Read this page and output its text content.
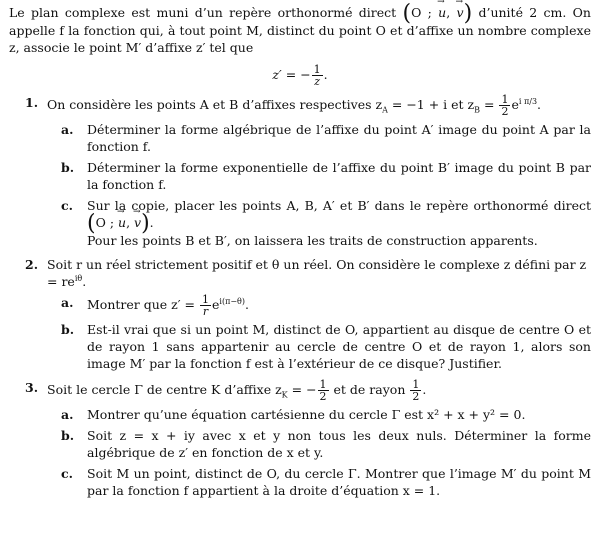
Le plan complexe est muni d’un repère orthonormé direct (O ; → u, → v) d’unité 2 cm. On appelle f la fonction qui, à tout point M, distinct du point O et d’affixe un nombre complexe z, associe le point M′ d’affixe z′ tel que
z′ = − $\frac{1}{z}$ .
1. On considère les points A et B d’affixes respectives $z_A = -1 + i$ et $z_B = \frac{1}{2} e^{i \pi/3}$.
a. Déterminer la forme algébrique de l’affixe du point A′ image du point A par la fonction f.
b. Déterminer la forme exponentielle de l’affixe du point B′ image du point B par la fonction f.
c. Sur la copie, placer les points A, B, A′ et B′ dans le repère orthonormé direct (O ; → u, → v).
Pour les points B et B′, on laissera les traits de construction apparents.
2. Soit r un réel strictement positif et θ un réel. On considère le complexe z défini par $z = re^{i\theta}$.
a. Montrer que $z' = \frac{1}{r} e^{i(\pi-\theta)}$.
b. Est-il vrai que si un point M, distinct de O, appartient au disque de centre O et de rayon 1 sans appartenir au cercle de centre O et de rayon 1, alors son image M′ par la fonction f est à l’extérieur de ce disque? Justifier.
3. Soit le cercle Γ de centre K d’affixe $z_K$ = − $\frac{1}{2}$ et de rayon $\frac{1}{2}$ .
a. Montrer qu’une équation cartésienne du cercle Γ est x² + x + y² = 0.
b. Soit z = x + iy avec x et y non tous les deux nuls. Déterminer la forme algébrique de z′ en fonction de x et y.
c. Soit M un point, distinct de O, du cercle Γ. Montrer que l’image M′ du point M par la fonction f appartient à la droite d’équation x = 1.
